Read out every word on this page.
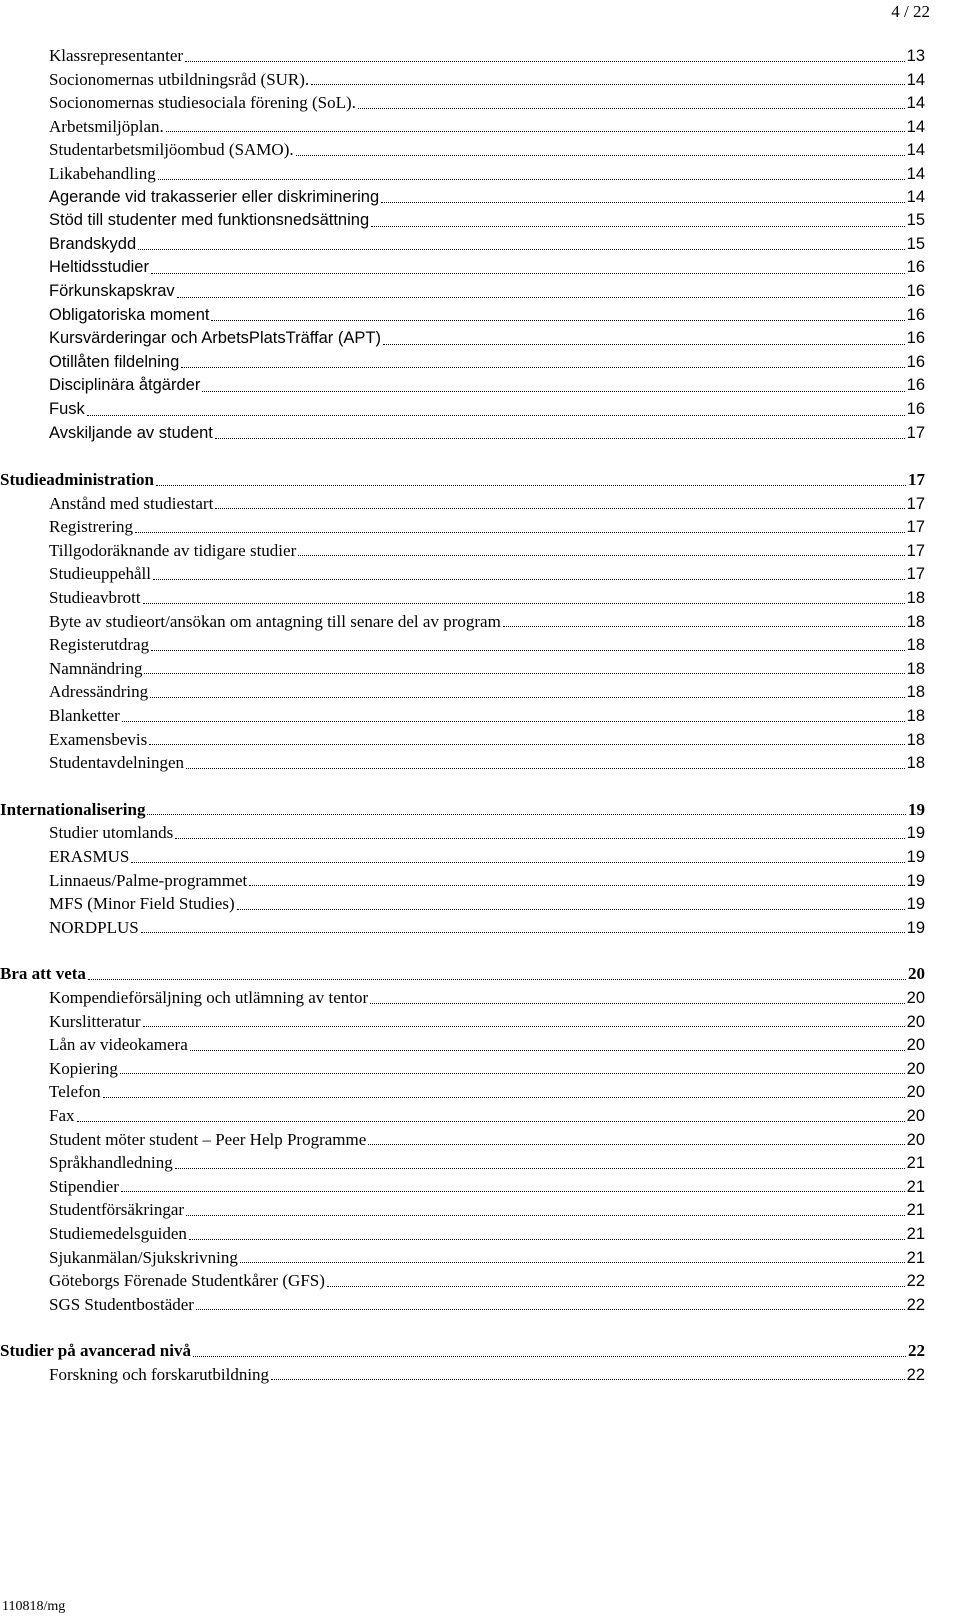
4 / 22
Klassrepresentanter	13
Socionomernas utbildningsråd (SUR).	14
Socionomernas studiesociala förening (SoL).	14
Arbetsmiljöplan.	14
Studentarbetsmiljöombud (SAMO).	14
Likabehandling	14
Agerande vid trakasserier eller diskriminering	14
Stöd till studenter med funktionsnedsättning	15
Brandskydd	15
Heltidsstudier	16
Förkunskapskrav	16
Obligatoriska moment	16
Kursvärderingar och ArbetsPlatsTräffar (APT)	16
Otillåten fildelning	16
Disciplinära åtgärder	16
Fusk	16
Avskiljande av student	17
Studieadministration	17
Anstånd med studiestart	17
Registrering	17
Tillgodoräknande av tidigare studier	17
Studieuppehåll	17
Studieavbrott	18
Byte av studieort/ansökan om antagning till senare del av program	18
Registerutdrag	18
Namnändring	18
Adressändring	18
Blanketter	18
Examensbevis	18
Studentavdelningen	18
Internationalisering	19
Studier utomlands	19
ERASMUS	19
Linnaeus/Palme-programmet	19
MFS (Minor Field Studies)	19
NORDPLUS	19
Bra att veta	20
Kompendieförsäljning och utlämning av tentor	20
Kurslitteratur	20
Lån av videokamera	20
Kopiering	20
Telefon	20
Fax	20
Student möter student – Peer Help Programme	20
Språkhandledning	21
Stipendier	21
Studentförsäkringar	21
Studiemedelsguiden	21
Sjukanmälan/Sjukskrivning	21
Göteborgs Förenade Studentkårer (GFS)	22
SGS Studentbostäder	22
Studier på avancerad nivå	22
Forskning och forskarutbildning	22
110818/mg
